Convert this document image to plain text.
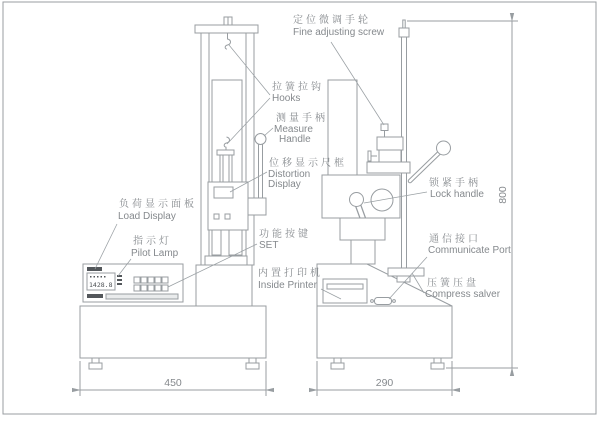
1428.8
450	290
800
定位微调手轮
Fine adjusting screw
拉簧拉钩
Hooks
测量手柄
Measure
Handle
位移显示尺框
Distortion
Display
负荷显示面板
Load Display
指示灯
Pilot Lamp
功能按键
SET
内置打印机
Inside Printer
锁紧手柄
Lock handle
通信接口
Communicate Port
压簧压盘
Compress salver
